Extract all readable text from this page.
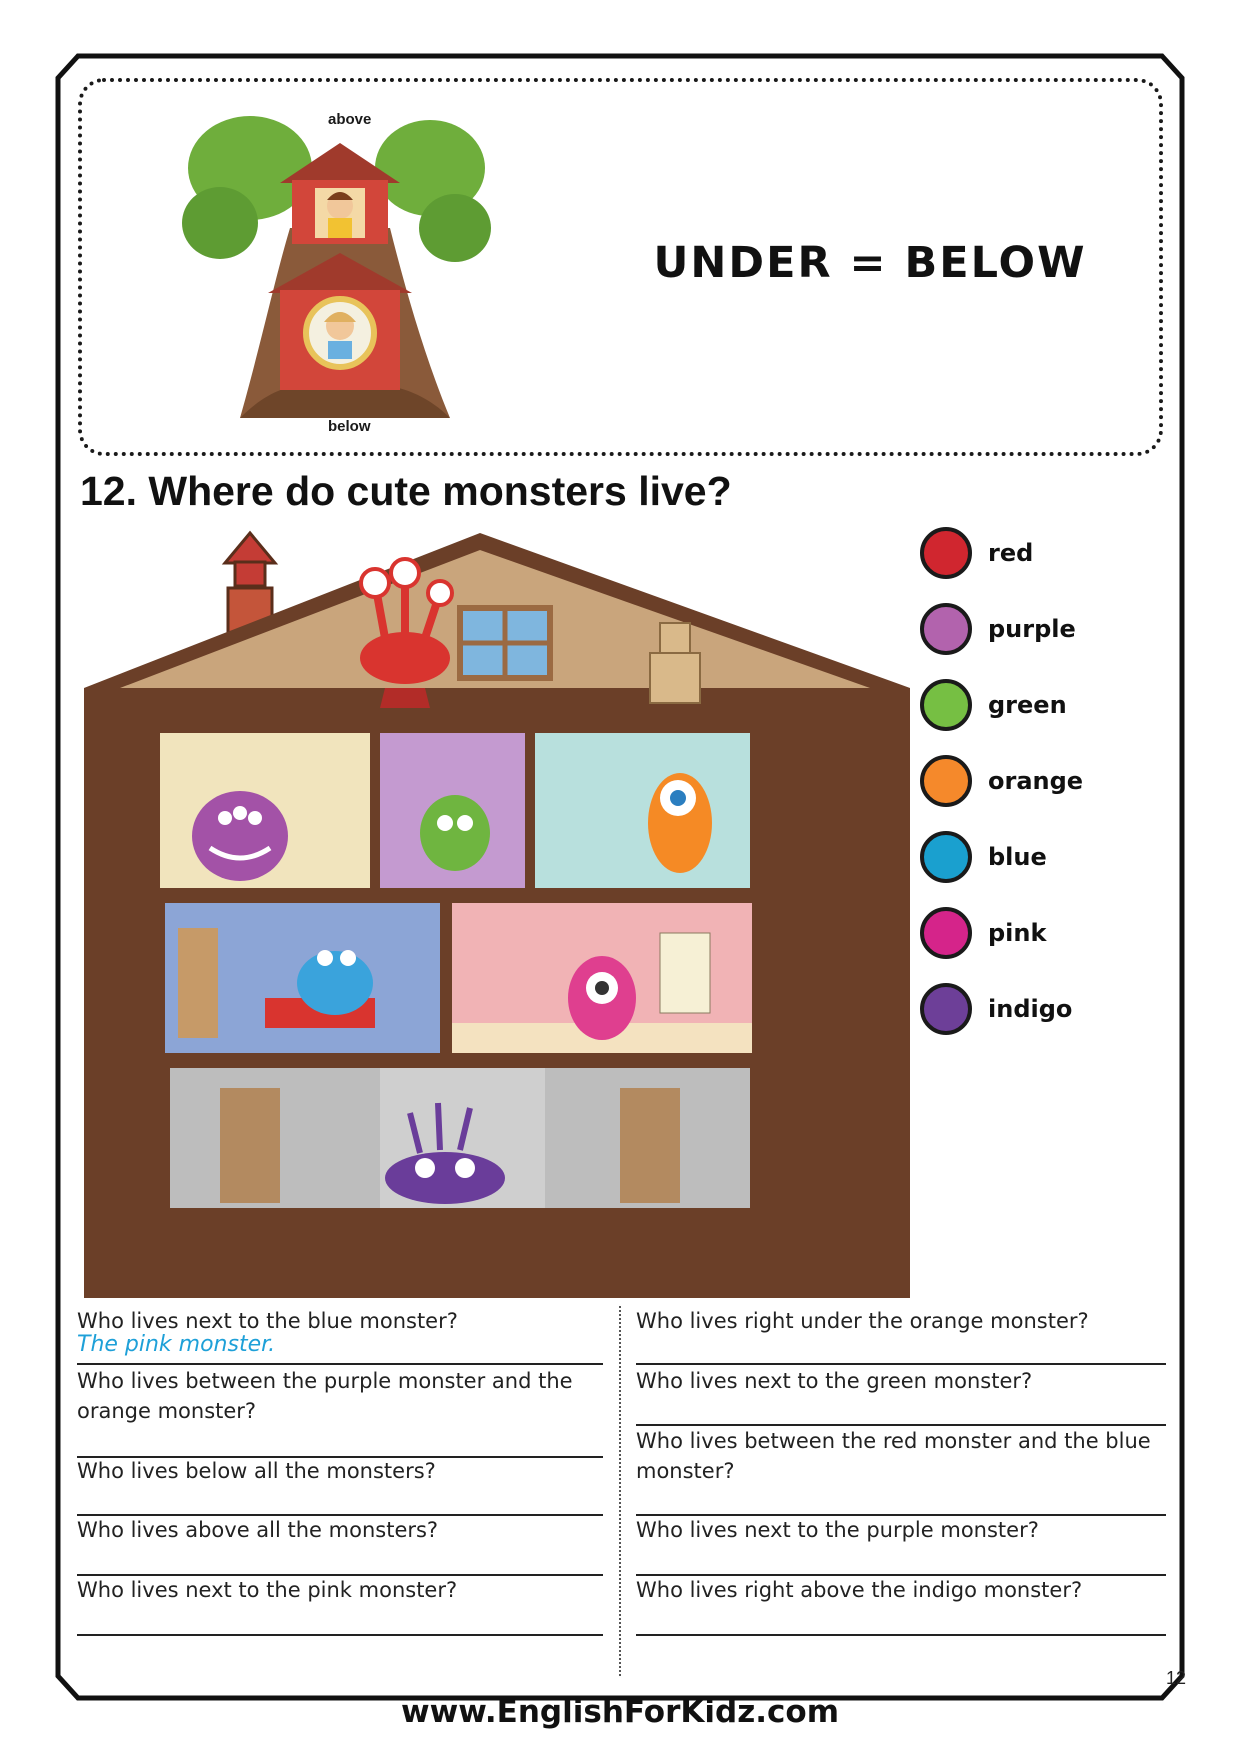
above
below
UNDER = BELOW
12. Where do cute monsters live?
red
purple
green
orange
blue
pink
indigo
Who lives next to the blue monster?
The pink monster.
Who lives between the purple monster and the orange monster?
Who lives below all the monsters?
Who lives above all the monsters?
Who lives next to the pink monster?
Who lives right under the orange monster?
Who lives next to the green monster?
Who lives between the red monster and the blue monster?
Who lives next to the purple monster?
Who lives right above the indigo monster?
12
www.EnglishForKidz.com
